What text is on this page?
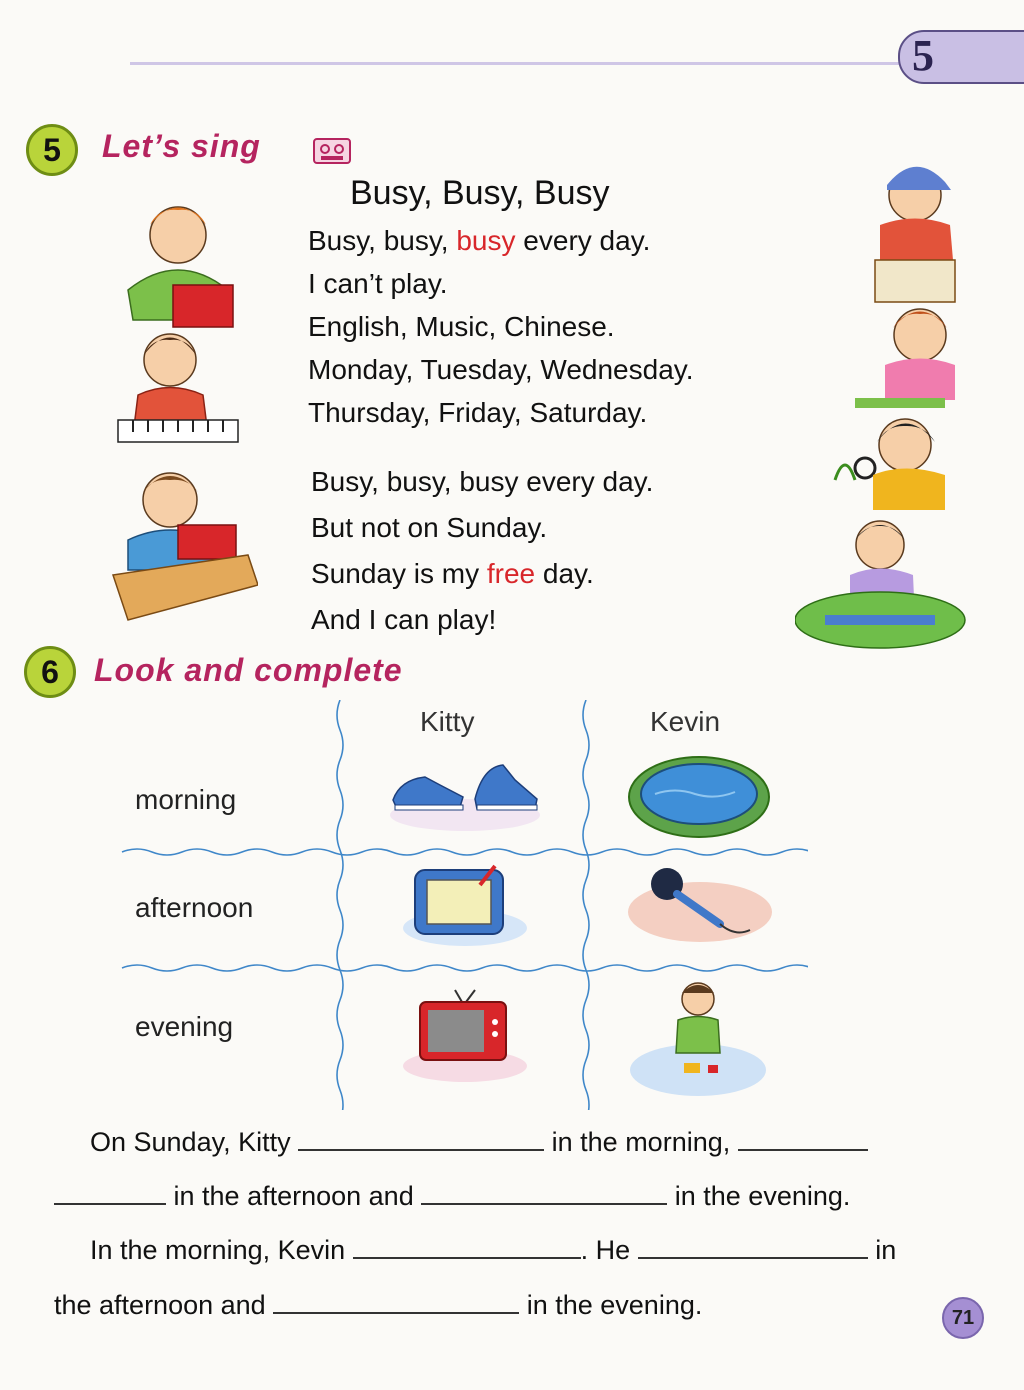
5
5	Let’s sing
Busy, Busy, Busy
Busy, busy, busy every day.
I can’t play.
English, Music, Chinese.
Monday, Tuesday, Wednesday.
Thursday, Friday, Saturday.
Busy, busy, busy every day.
But not on Sunday.
Sunday is my free day.
And I can play!
6	Look and complete
Kitty	Kevin
morning
afternoon
evening
On Sunday, Kitty	in the morning,
in the afternoon and	in the evening.
In the morning, Kevin	. He	in
the afternoon and	in the evening.	71
